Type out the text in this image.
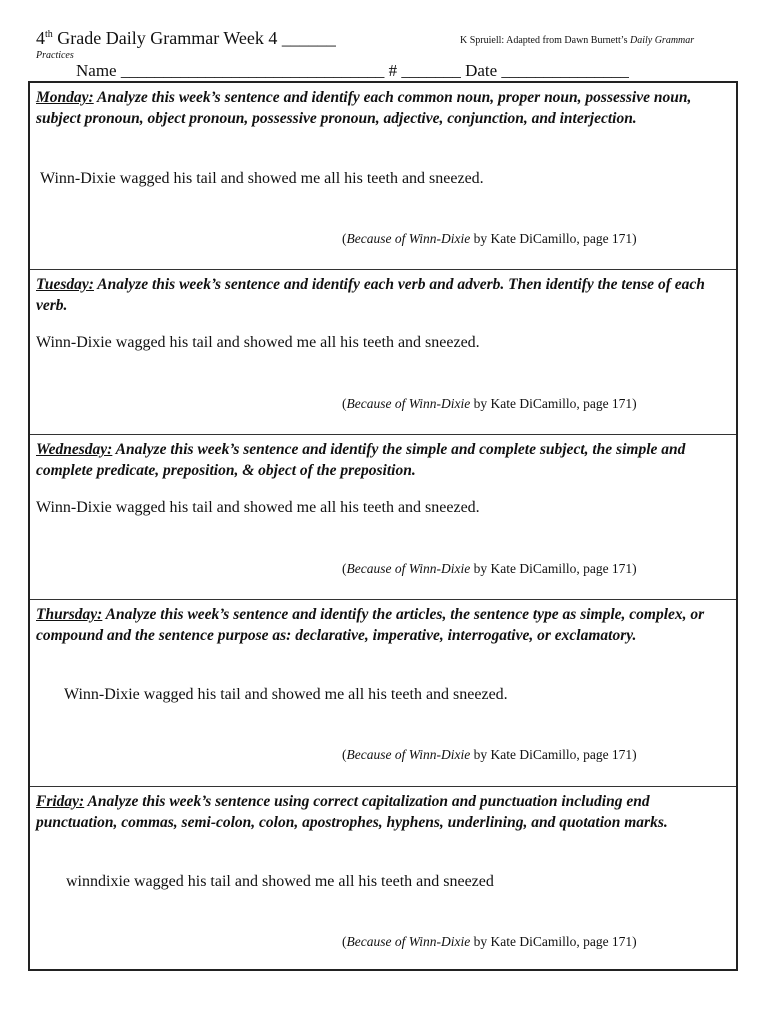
4th Grade Daily Grammar Week 4 ______	K Spruiell: Adapted from Dawn Burnett’s Daily Grammar
Practices
Name _______________________________ # _______ Date _______________
Monday: Analyze this week’s sentence and identify each common noun, proper noun, possessive noun, subject pronoun, object pronoun, possessive pronoun, adjective, conjunction, and interjection.
Winn-Dixie wagged his tail and showed me all his teeth and sneezed.
(Because of Winn-Dixie by Kate DiCamillo, page 171)
Tuesday: Analyze this week’s sentence and identify each verb and adverb. Then identify the tense of each verb.
Winn-Dixie wagged his tail and showed me all his teeth and sneezed.
(Because of Winn-Dixie by Kate DiCamillo, page 171)
Wednesday: Analyze this week’s sentence and identify the simple and complete subject, the simple and complete predicate, preposition, & object of the preposition.
Winn-Dixie wagged his tail and showed me all his teeth and sneezed.
(Because of Winn-Dixie by Kate DiCamillo, page 171)
Thursday: Analyze this week’s sentence and identify the articles, the sentence type as simple, complex, or compound and the sentence purpose as: declarative, imperative, interrogative, or exclamatory.
Winn-Dixie wagged his tail and showed me all his teeth and sneezed.
(Because of Winn-Dixie by Kate DiCamillo, page 171)
Friday: Analyze this week’s sentence using correct capitalization and punctuation including end punctuation, commas, semi-colon, colon, apostrophes, hyphens, underlining, and quotation marks.
winndixie wagged his tail and showed me all his teeth and sneezed
(Because of Winn-Dixie by Kate DiCamillo, page 171)
